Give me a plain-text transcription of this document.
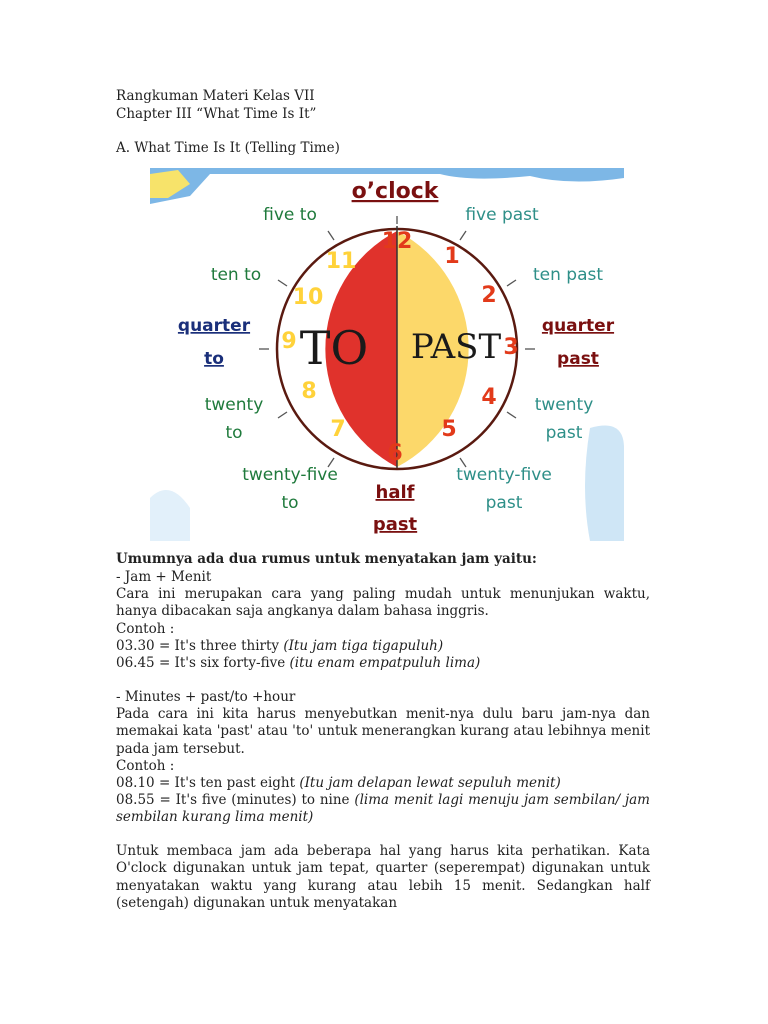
Rangkuman Materi Kelas VII
Chapter III “What Time Is It”
A. What Time Is It (Telling Time)
TO PAST
12
1
2
3
4
5
6
7
8
9
10
11
o’clock
five to
ten to
quarter
to
twenty
to
twenty-five
to
five past
ten past
quarter
past
twenty
past
twenty-five
past
half
past
Umumnya ada dua rumus untuk menyatakan jam yaitu:
- Jam + Menit
Cara ini merupakan cara yang paling mudah untuk menunjukan waktu, hanya dibacakan saja angkanya dalam bahasa inggris.
Contoh :
03.30 = It's three thirty (Itu jam tiga tigapuluh)
06.45 = It's six forty-five (itu enam empatpuluh lima)
- Minutes + past/to +hour
Pada cara ini kita harus menyebutkan menit-nya dulu baru jam-nya dan memakai kata 'past' atau 'to' untuk menerangkan kurang atau lebihnya menit pada jam tersebut.
Contoh :
08.10 = It's ten past eight (Itu jam delapan lewat sepuluh menit)
08.55 = It's five (minutes) to nine (lima menit lagi menuju jam sembilan/ jam sembilan kurang lima menit)
Untuk membaca jam ada beberapa hal yang harus kita perhatikan. Kata O'clock digunakan untuk jam tepat, quarter (seperempat) digunakan untuk menyatakan waktu yang kurang atau lebih 15 menit. Sedangkan half (setengah) digunakan untuk menyatakan
